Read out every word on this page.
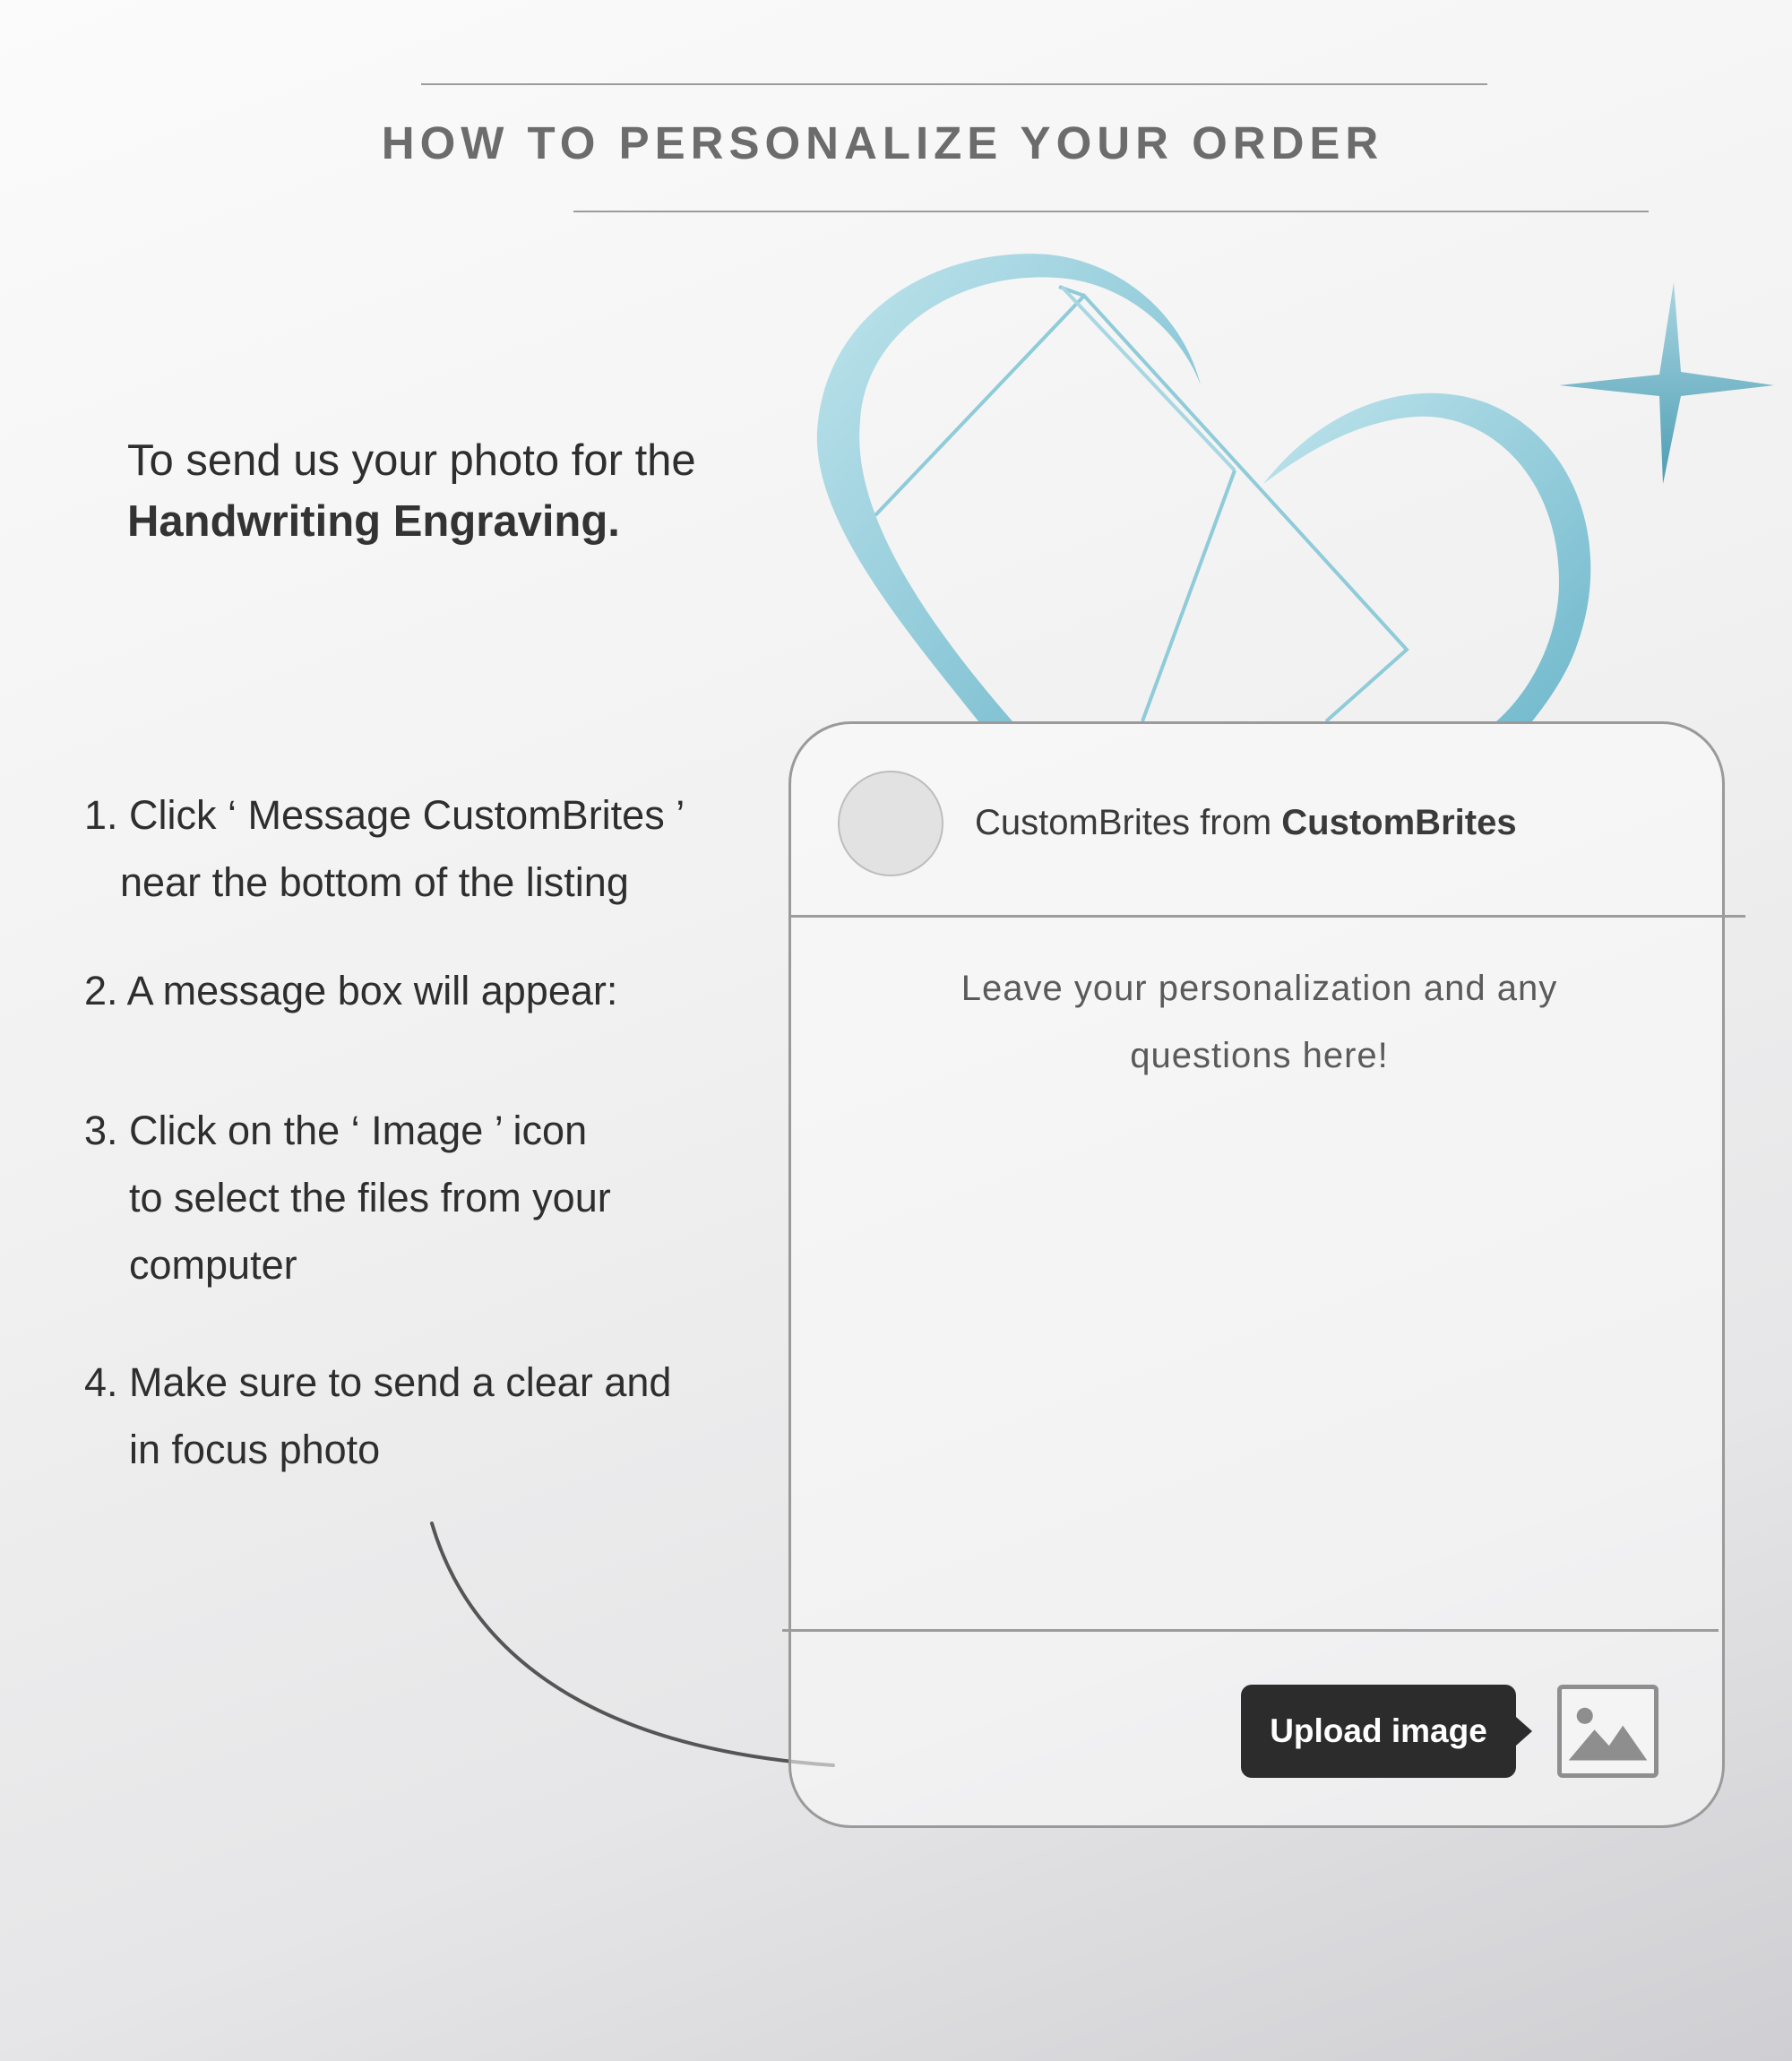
HOW TO PERSONALIZE YOUR ORDER
To send us your photo for the
Handwriting Engraving.
1. Click ‘ Message CustomBrites ’
near the bottom of the listing
2. A message box will appear:
3. Click on the ‘ Image ’ icon
to select the files from your
computer
4. Make sure to send a clear and
in focus photo
CustomBrites from CustomBrites
Leave your personalization and any
questions here!
Upload image
